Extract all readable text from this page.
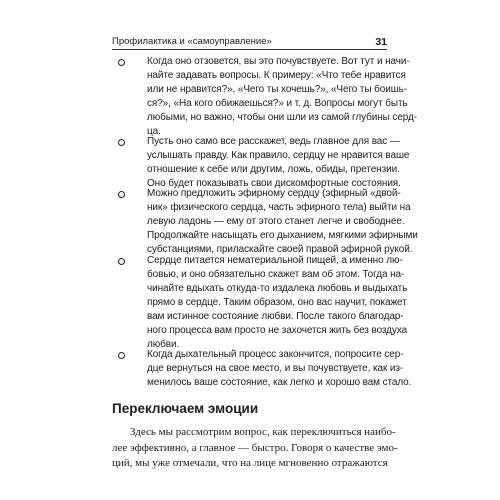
Профилактика и «самоуправление»	31
Когда оно отзовется, вы это почувствуете. Вот тут и начи-
найте задавать вопросы. К примеру: «Что тебе нравится
или не нравится?», «Чего ты хочешь?», «Чего ты боишь-
ся?», «На кого обижаешься?» и т. д. Вопросы могут быть
любыми, но важно, чтобы они шли из самой глубины серд-
ца.
Пусть оно само все расскажет, ведь главное для вас —
услышать правду. Как правило, сердцу не нравится ваше
отношение к себе или другим, ложь, обиды, претензии.
Оно будет показывать свои дискомфортные состояния.
Можно предложить эфирному сердцу (эфирный «двой-
ник» физического сердца, часть эфирного тела) выйти на
левую ладонь — ему от этого станет легче и свободнее.
Продолжайте насыщать его дыханием, мягкими эфирными
субстанциями, прилаcкайте своей правой эфирной рукой.
Сердце питается нематериальной пищей, а именно лю-
бовью, и оно обязательно скажет вам об этом. Тогда на-
чинайте вдыхать откуда-то издалека любовь и выдыхать
прямо в сердце. Таким образом, оно вас научит, покажет
вам истинное состояние любви. После такого благодар-
ного процесса вам просто не захочется жить без воздуха
любви.
Когда дыхательный процесс закончится, попросите сер-
дце вернуться на свое место, и вы почувствуете, как из-
менилось ваше состояние, как легко и хорошо вам стало.
Переключаем эмоции
Здесь мы рассмотрим вопрос, как переключиться наибо-
лее эффективно, а главное — быстро. Говоря о качестве эмо-
ций, мы уже отмечали, что на лице мгновенно отражаются
